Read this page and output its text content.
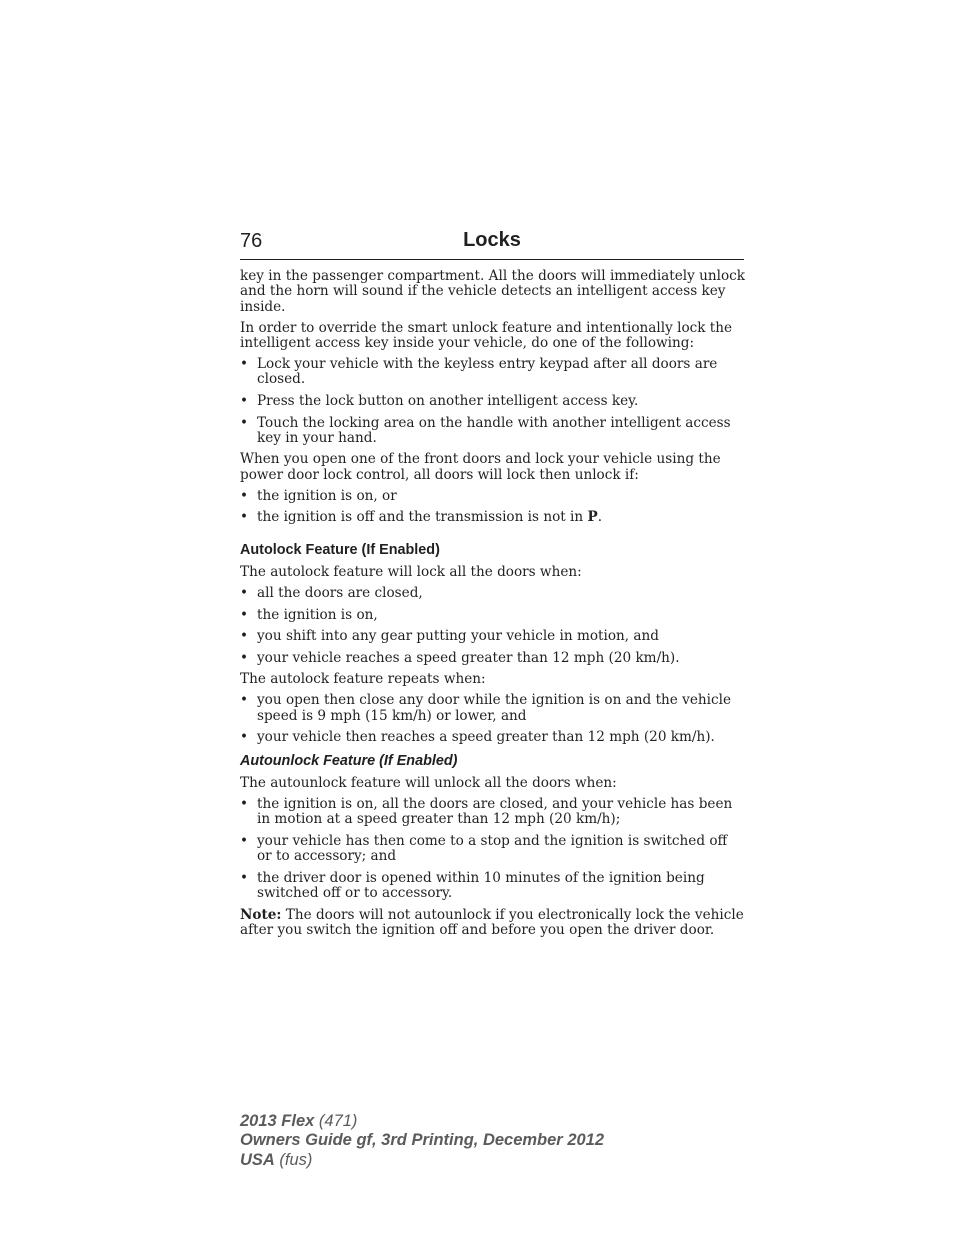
76	Locks

key in the passenger compartment. All the doors will immediately unlock and the horn will sound if the vehicle detects an intelligent access key inside.

In order to override the smart unlock feature and intentionally lock the intelligent access key inside your vehicle, do one of the following:

• Lock your vehicle with the keyless entry keypad after all doors are closed.
• Press the lock button on another intelligent access key.
• Touch the locking area on the handle with another intelligent access key in your hand.

When you open one of the front doors and lock your vehicle using the power door lock control, all doors will lock then unlock if:

• the ignition is on, or
• the ignition is off and the transmission is not in P.
Autolock Feature (If Enabled)

The autolock feature will lock all the doors when:

• all the doors are closed,
• the ignition is on,
• you shift into any gear putting your vehicle in motion, and
• your vehicle reaches a speed greater than 12 mph (20 km/h).

The autolock feature repeats when:

• you open then close any door while the ignition is on and the vehicle speed is 9 mph (15 km/h) or lower, and
• your vehicle then reaches a speed greater than 12 mph (20 km/h).
Autounlock Feature (If Enabled)

The autounlock feature will unlock all the doors when:

• the ignition is on, all the doors are closed, and your vehicle has been in motion at a speed greater than 12 mph (20 km/h);
• your vehicle has then come to a stop and the ignition is switched off or to accessory; and
• the driver door is opened within 10 minutes of the ignition being switched off or to accessory.

Note: The doors will not autounlock if you electronically lock the vehicle after you switch the ignition off and before you open the driver door.

2013 Flex (471)
Owners Guide gf, 3rd Printing, December 2012
USA (fus)
